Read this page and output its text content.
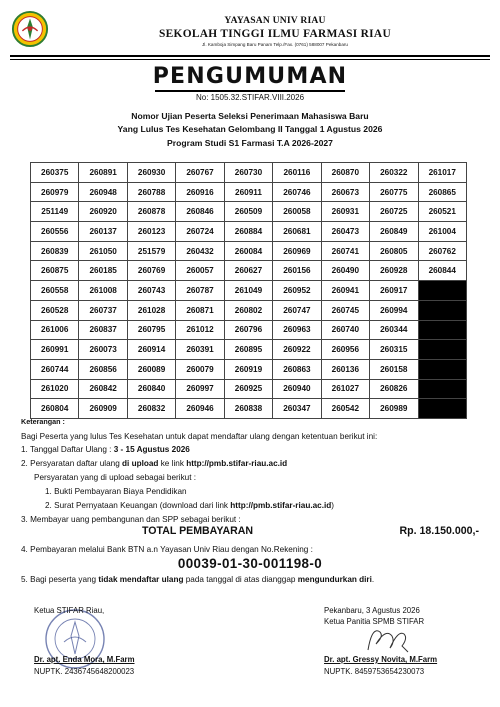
YAYASAN UNIV RIAU
SEKOLAH TINGGI ILMU FARMASI RIAU
Jl. Kamboja Simpang Baru Panam Telp./Fax. (0761) 588007 Pekanbaru
PENGUMUMAN
No: 1505.32.STIFAR.VIII.2026
Nomor Ujian Peserta Seleksi Penerimaan Mahasiswa Baru
Yang Lulus Tes Kesehatan Gelombang II Tanggal 1 Agustus 2026
Program Studi S1 Farmasi T.A 2026-2027
260375	260891	260930	260767	260730	260116	260870	260322	261017
260979	260948	260788	260916	260911	260746	260673	260775	260865
251149	260920	260878	260846	260509	260058	260931	260725	260521
260556	260137	260123	260724	260884	260681	260473	260849	261004
260839	261050	251579	260432	260084	260969	260741	260805	260762
260875	260185	260769	260057	260627	260156	260490	260928	260844
260558	261008	260743	260787	261049	260952	260941	260917	
260528	260737	261028	260871	260802	260747	260745	260994	
261006	260837	260795	261012	260796	260963	260740	260344	
260991	260073	260914	260391	260895	260922	260956	260315	
260744	260856	260089	260079	260919	260863	260136	260158	
261020	260842	260840	260997	260925	260940	261027	260826	
260804	260909	260832	260946	260838	260347	260542	260989	
Keterangan :
Bagi Peserta yang lulus Tes Kesehatan untuk dapat mendaftar ulang dengan ketentuan berikut ini:
1. Tanggal Daftar Ulang : 3 - 15 Agustus 2026
2. Persyaratan daftar ulang di upload ke link http://pmb.stifar-riau.ac.id
Persyaratan yang di upload sebagai berikut :
1. Bukti Pembayaran Biaya Pendidikan
2. Surat Pernyataan Keuangan (download dari link http://pmb.stifar-riau.ac.id)
3. Membayar uang pembangunan dan SPP sebagai berikut :
TOTAL PEMBAYARAN	Rp. 18.150.000,-
4. Pembayaran melalui Bank BTN a.n Yayasan Univ Riau dengan No.Rekening :
00039-01-30-001198-0
5. Bagi peserta yang tidak mendaftar ulang pada tanggal di atas dianggap mengundurkan diri.
Ketua STIFAR Riau,
Dr. apt. Enda Mora, M.Farm
NUPTK. 2436745648200023
Pekanbaru, 3 Agustus 2026
Ketua Panitia SPMB STIFAR
Dr. apt. Gressy Novita, M.Farm
NUPTK. 8459753654230073
